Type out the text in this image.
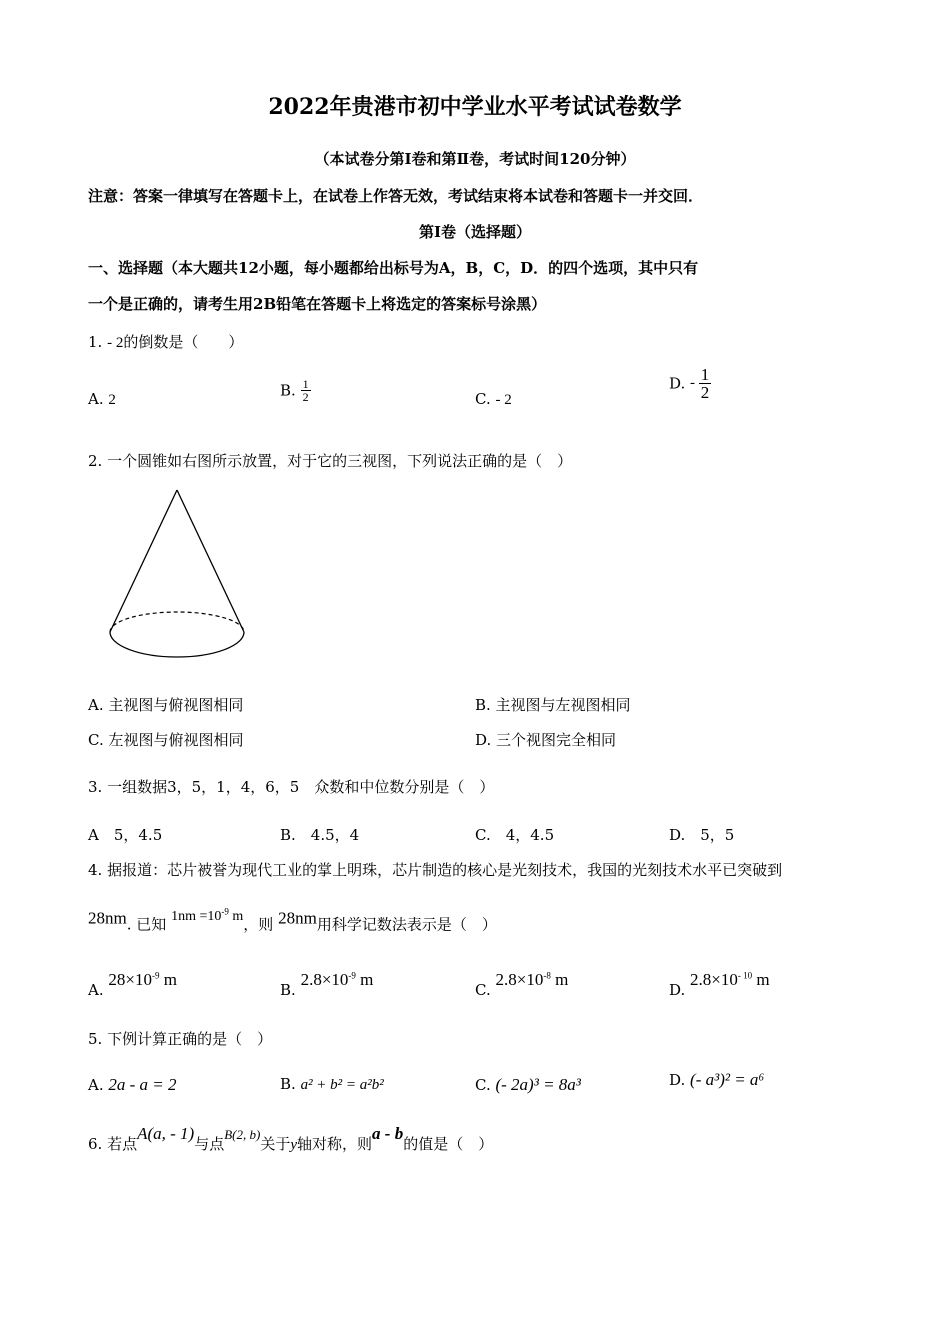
2022年贵港市初中学业水平考试试卷数学
（本试卷分第Ⅰ卷和第Ⅱ卷，考试时间120分钟）
注意：答案一律填写在答题卡上，在试卷上作答无效，考试结束将本试卷和答题卡一并交回．
第Ⅰ卷（选择题）
一、选择题（本大题共12小题，每小题都给出标号为A，B，C，D．的四个选项，其中只有
一个是正确的，请考生用2B铅笔在答题卡上将选定的答案标号涂黑）
1. - 2的倒数是（　　）
A. 2
B. $\frac{1}{2}$	C. - 2
D. - $\frac{1}{2}$
2. 一个圆锥如右图所示放置，对于它的三视图，下列说法正确的是（　）
A. 主视图与俯视图相同	B. 主视图与左视图相同
C. 左视图与俯视图相同	D. 三个视图完全相同
3. 一组数据3，5，1，4，6，5　众数和中位数分别是（　）
A　5，4.5	B.　4.5，4	C.　4，4.5	D.　5，5
4. 据报道：芯片被誉为现代工业的掌上明珠，芯片制造的核心是光刻技术，我国的光刻技术水平已突破到
28nm. 已知 $1nm =10^{-9}$ m，则 28nm用科学记数法表示是（　）
A. $28\times 10^{-9}$ m
B. $2.8\times 10^{-9}$ m
C. $2.8\times 10^{-8}$ m
D. $2.8\times 10^{- 10}$ m
5. 下例计算正确的是（　）
A. 2a - a = 2	B. a² + b² = a²b²	C. (- 2a)³ = 8a³	D. (- a³)² = a⁶
6. 若点A(a, - 1)与点B(2, b)关于y轴对称，则a - b的值是（　）
